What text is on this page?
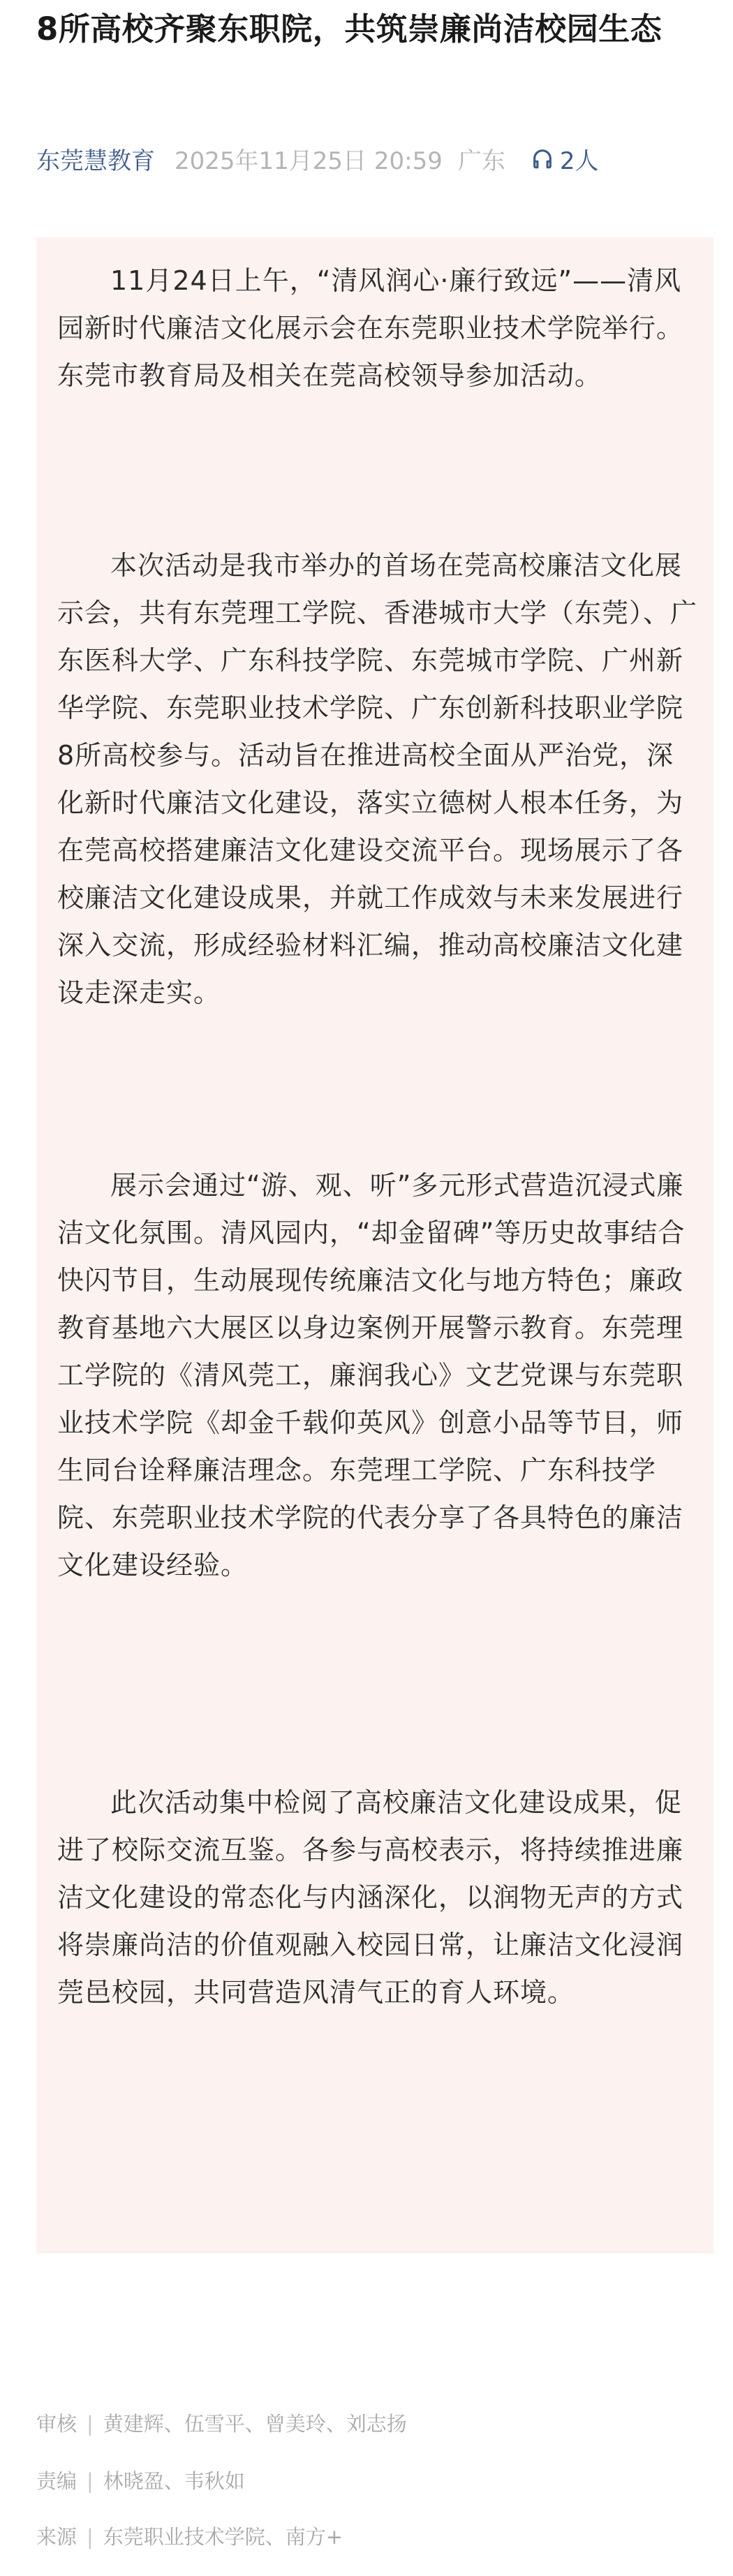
8所高校齐聚东职院，共筑崇廉尚洁校园生态
东莞慧教育 2025年11月25日 20:59 广东 2人

11月24日上午，“清风润心·廉行致远”——清风园新时代廉洁文化展示会在东莞职业技术学院举行。东莞市教育局及相关在莞高校领导参加活动。

本次活动是我市举办的首场在莞高校廉洁文化展示会，共有东莞理工学院、香港城市大学（东莞）、广东医科大学、广东科技学院、东莞城市学院、广州新华学院、东莞职业技术学院、广东创新科技职业学院8所高校参与。活动旨在推进高校全面从严治党，深化新时代廉洁文化建设，落实立德树人根本任务，为在莞高校搭建廉洁文化建设交流平台。现场展示了各校廉洁文化建设成果，并就工作成效与未来发展进行深入交流，形成经验材料汇编，推动高校廉洁文化建设走深走实。

展示会通过“游、观、听”多元形式营造沉浸式廉洁文化氛围。清风园内，“却金留碑”等历史故事结合快闪节目，生动展现传统廉洁文化与地方特色；廉政教育基地六大展区以身边案例开展警示教育。东莞理工学院的《清风莞工，廉润我心》文艺党课与东莞职业技术学院《却金千载仰英风》创意小品等节目，师生同台诠释廉洁理念。东莞理工学院、广东科技学院、东莞职业技术学院的代表分享了各具特色的廉洁文化建设经验。

此次活动集中检阅了高校廉洁文化建设成果，促进了校际交流互鉴。各参与高校表示，将持续推进廉洁文化建设的常态化与内涵深化，以润物无声的方式将崇廉尚洁的价值观融入校园日常，让廉洁文化浸润莞邑校园，共同营造风清气正的育人环境。

审核 | 黄建辉、伍雪平、曾美玲、刘志扬
责编 | 林晓盈、韦秋如
来源 | 东莞职业技术学院、南方+
